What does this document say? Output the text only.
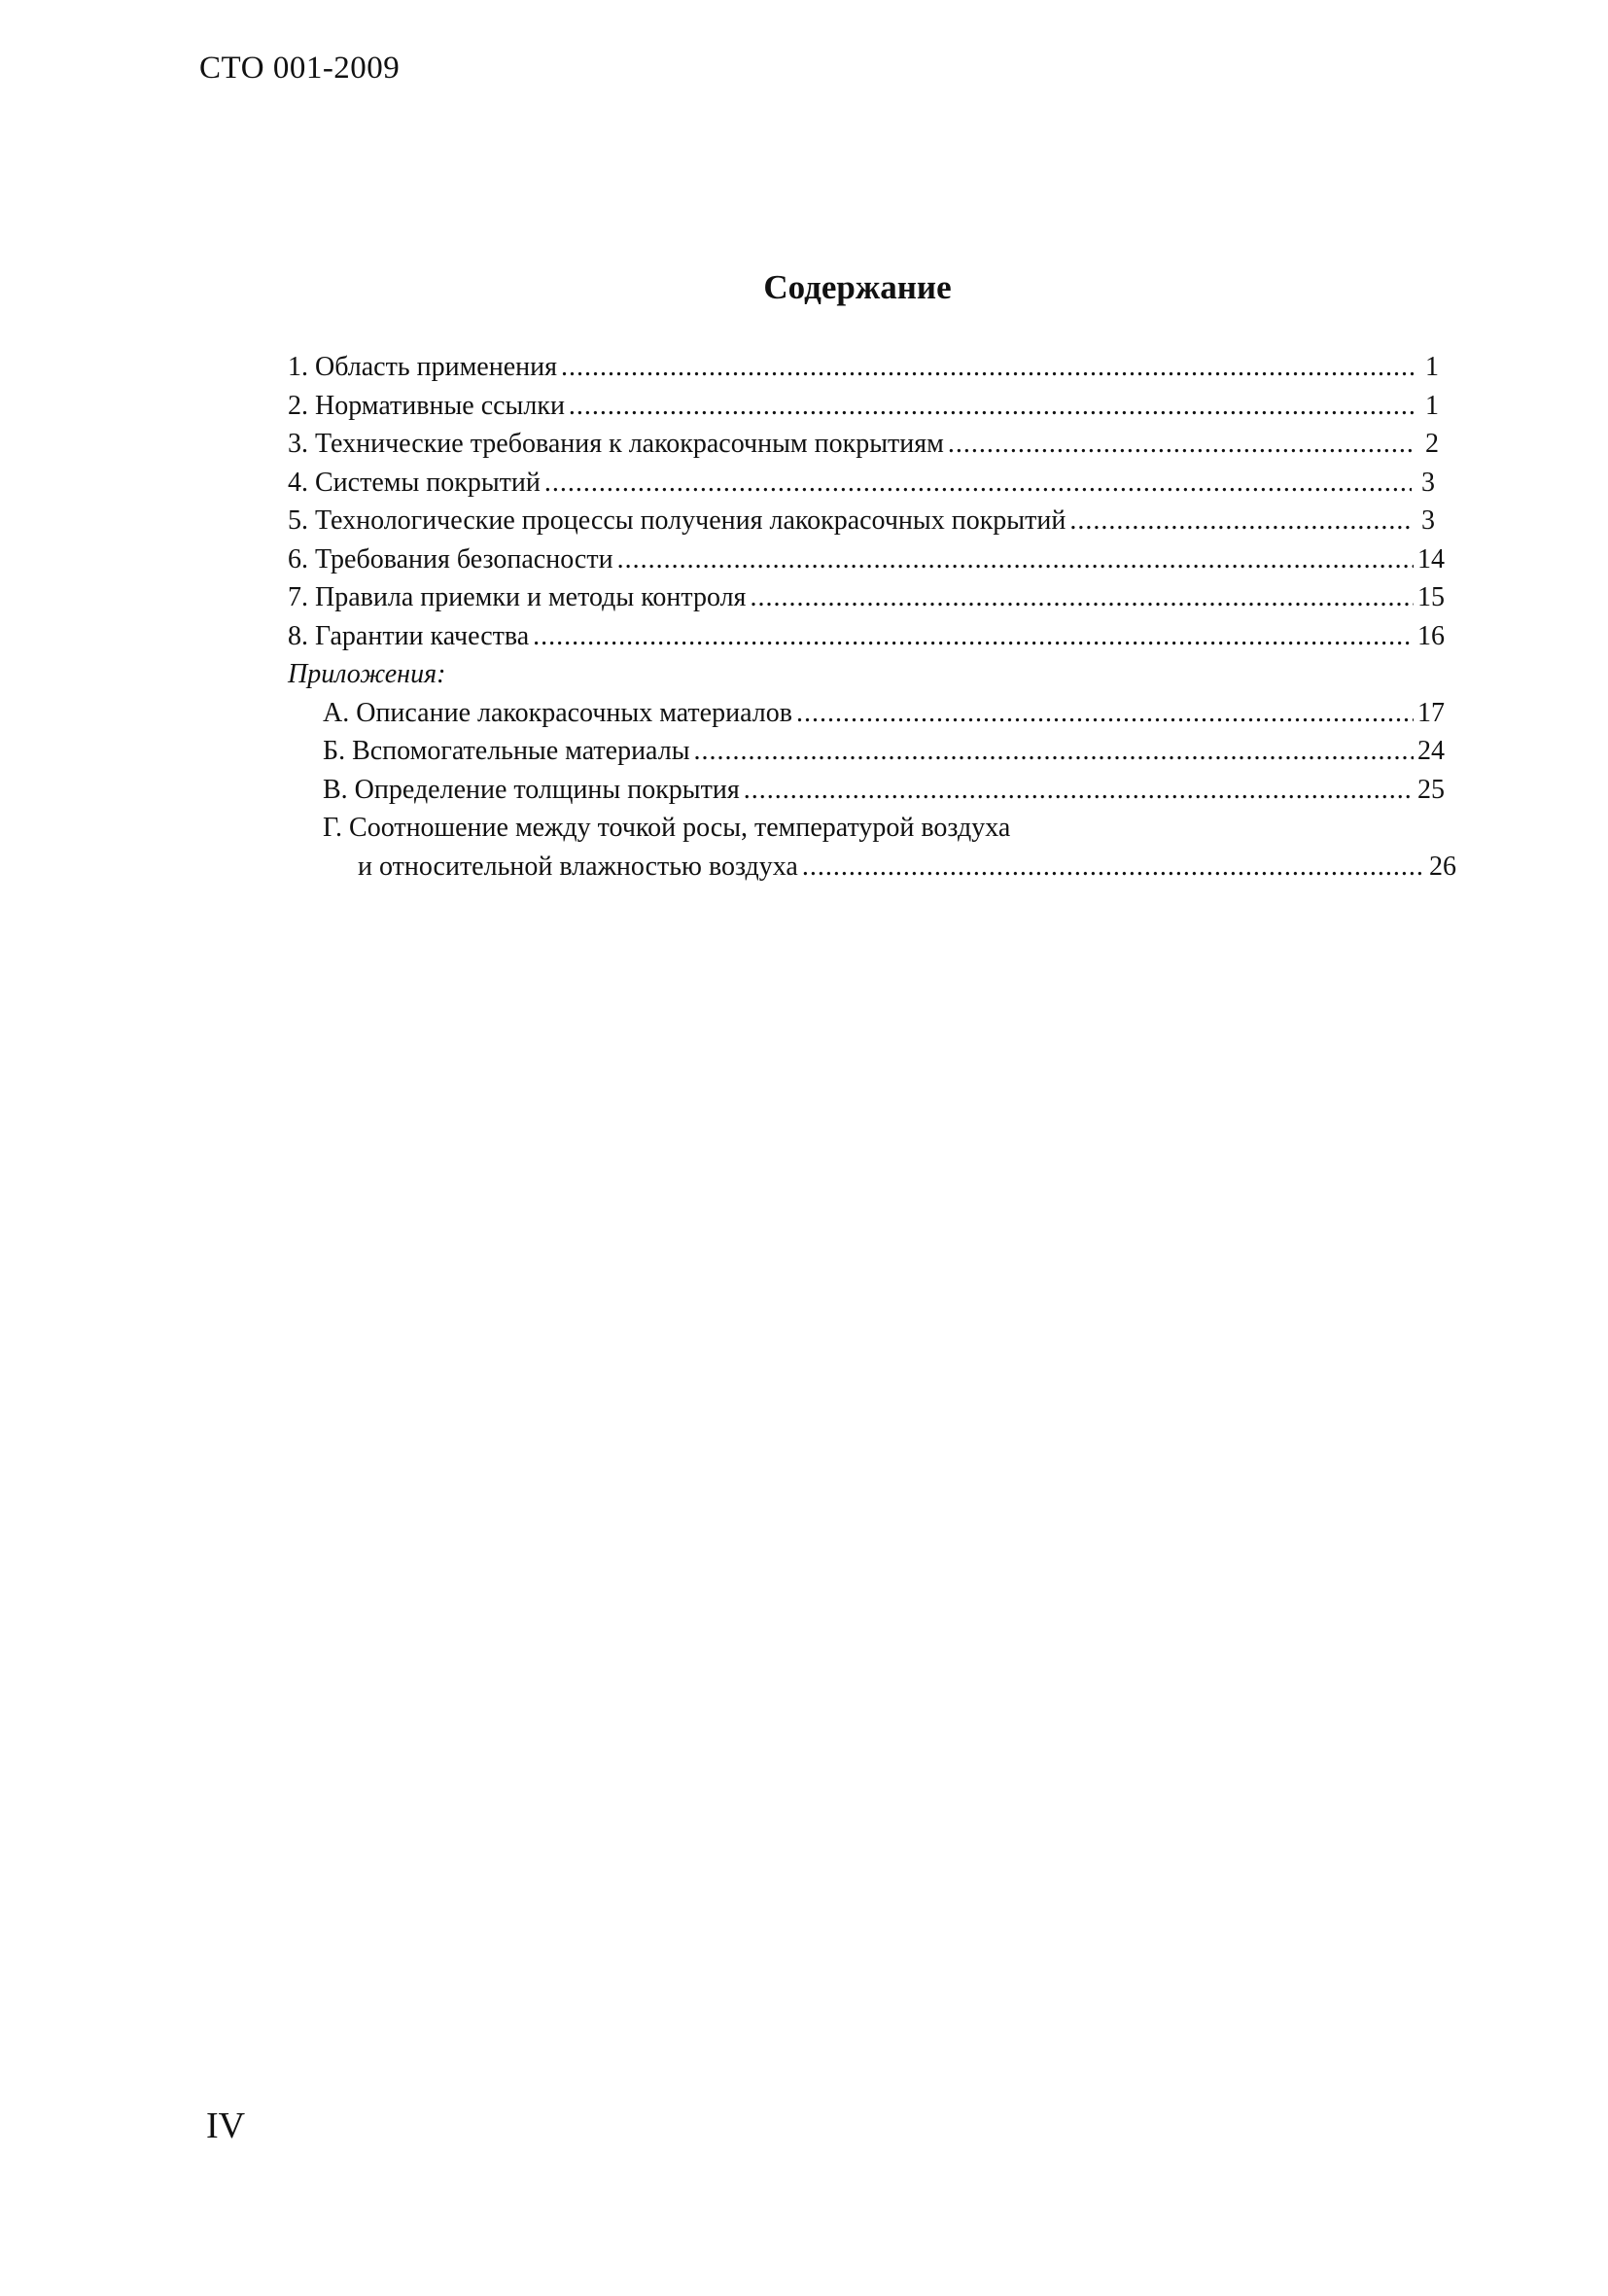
СТО 001-2009
Содержание
1. Область применения .....	1
2. Нормативные ссылки .....	1
3. Технические требования к лакокрасочным покрытиям .....	2
4. Системы покрытий .....	3
5. Технологические процессы получения лакокрасочных покрытий .....	3
6. Требования безопасности .....	14
7. Правила приемки и методы контроля .....	15
8. Гарантии качества .....	16
Приложения:
А. Описание лакокрасочных материалов .....	17
Б. Вспомогательные материалы .....	24
В. Определение толщины покрытия .....	25
Г. Соотношение между точкой росы, температурой воздуха
и относительной влажностью воздуха .....	26
IV
